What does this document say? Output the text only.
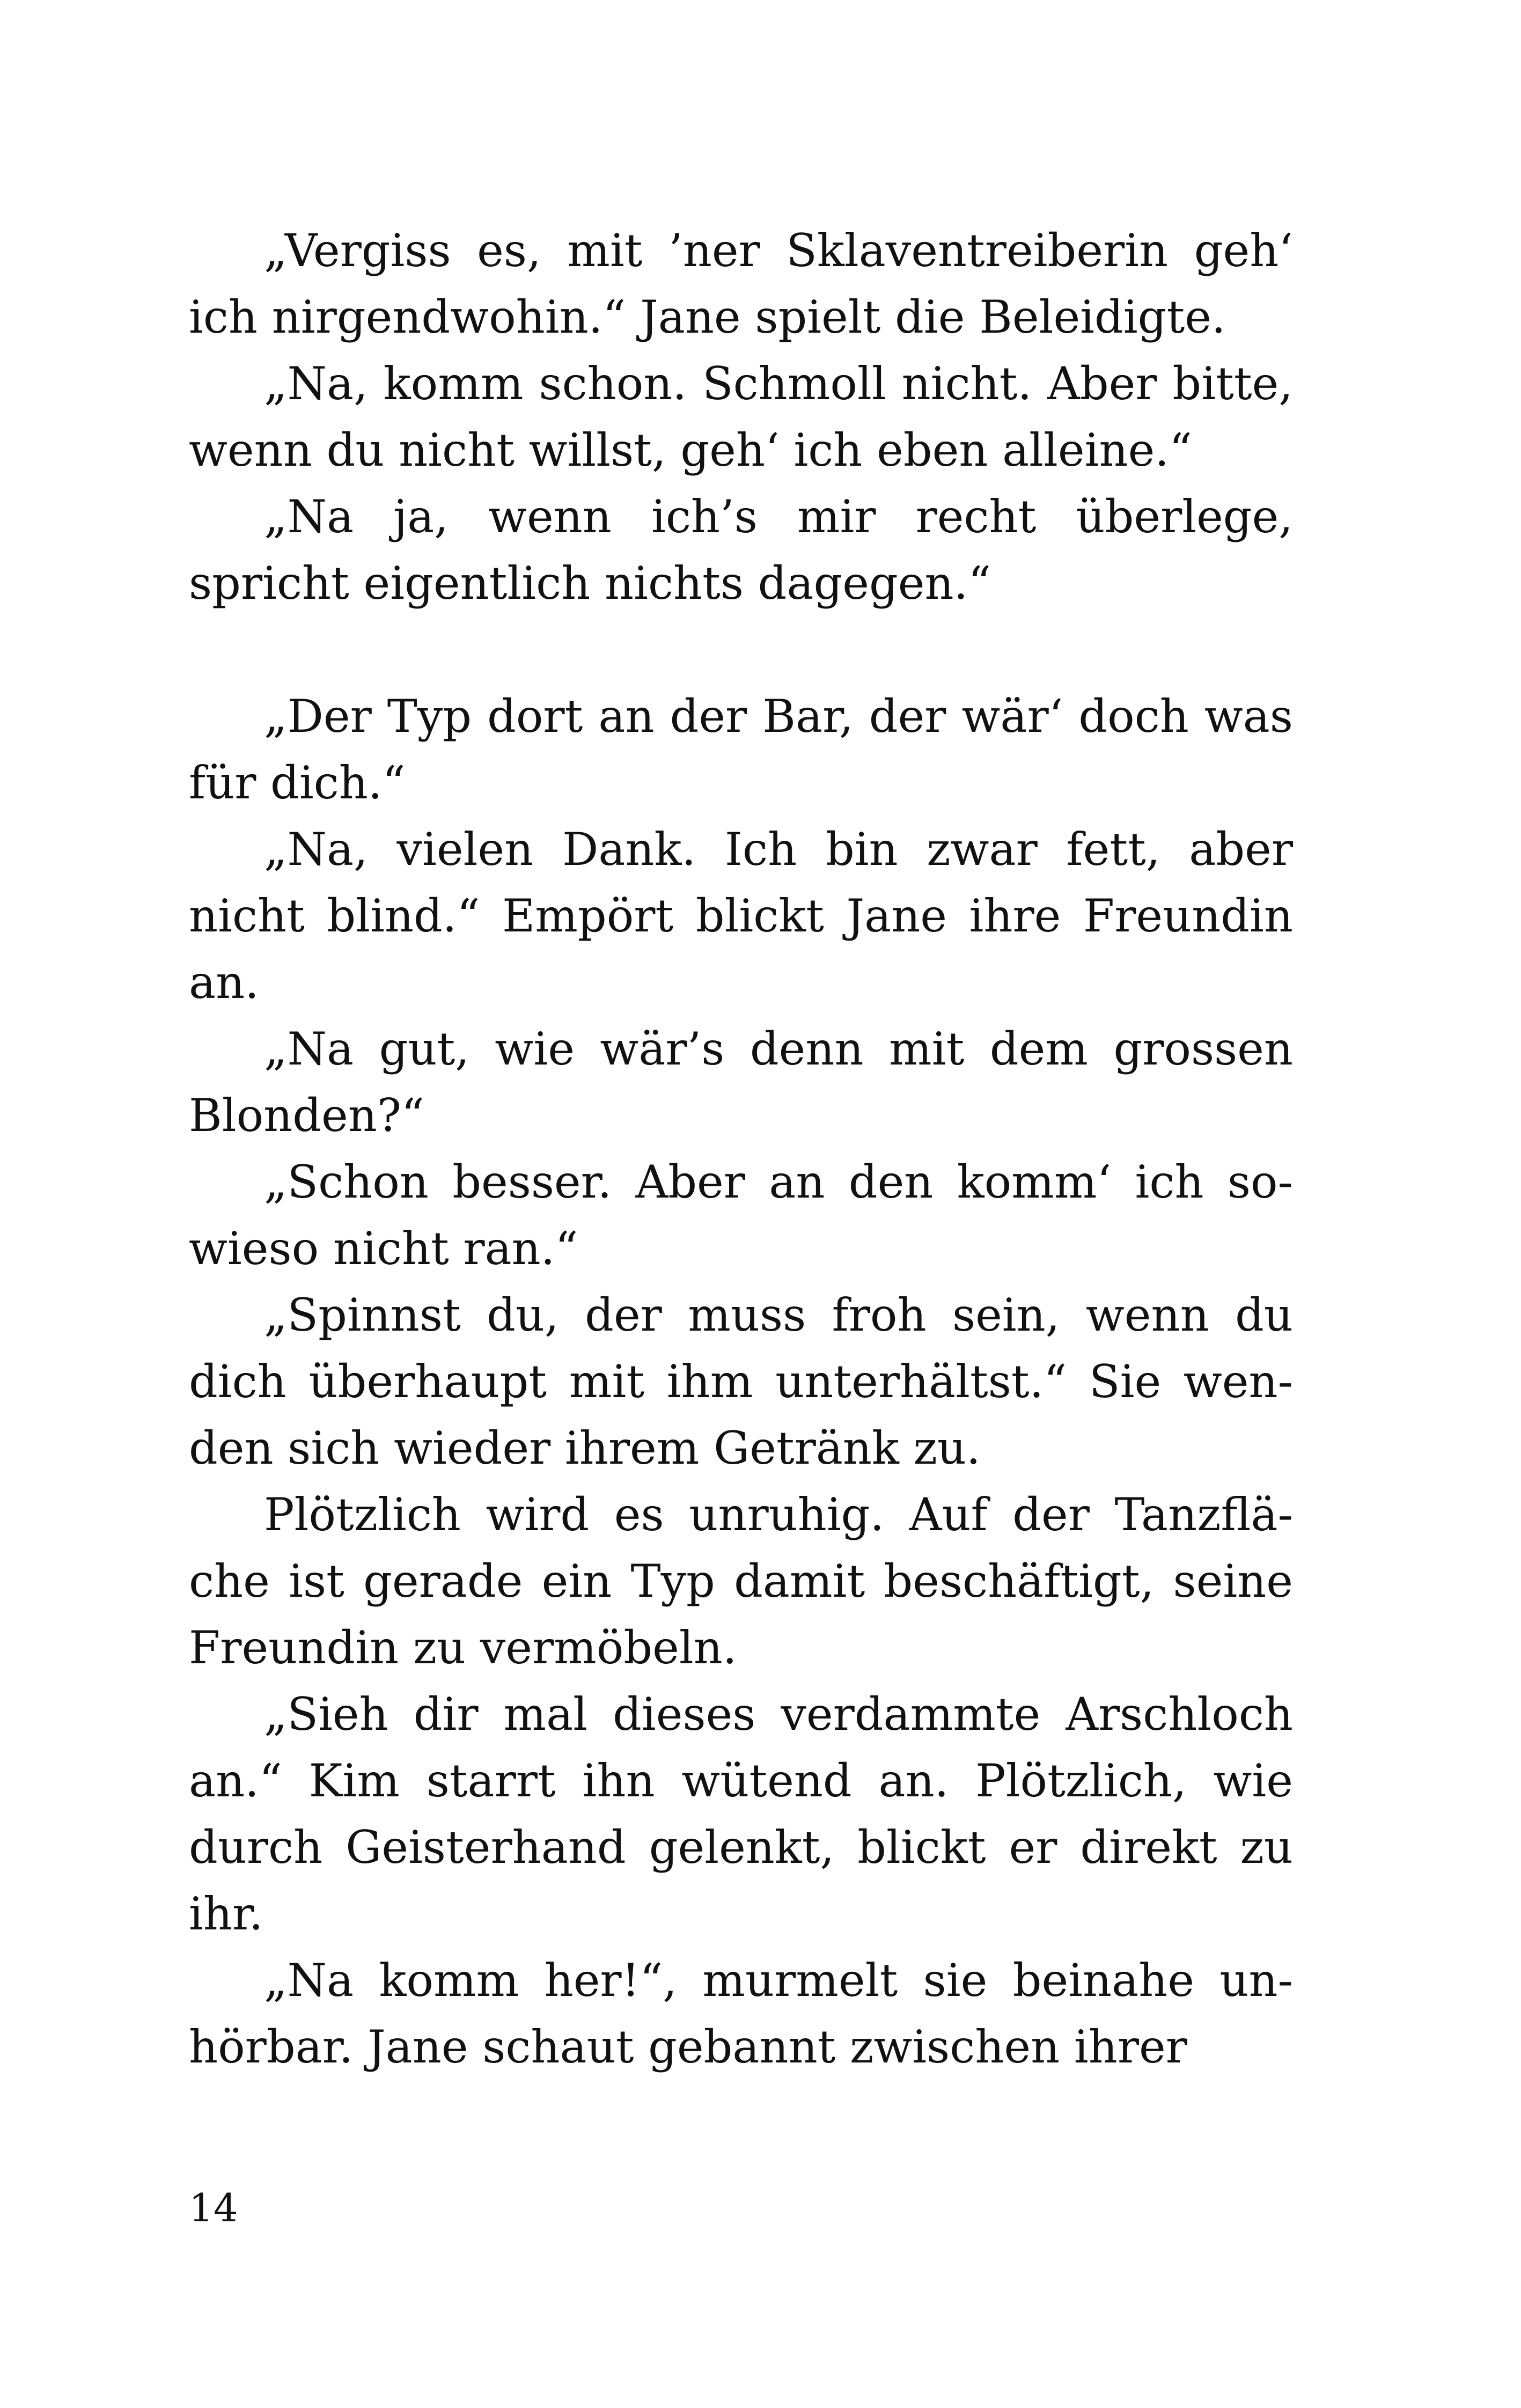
„Vergiss es, mit ’ner Sklaventreiberin geh‘ ich nirgendwohin.“ Jane spielt die Beleidigte.

„Na, komm schon. Schmoll nicht. Aber bitte, wenn du nicht willst, geh‘ ich eben alleine.“

„Na ja, wenn ich’s mir recht überlege, spricht eigentlich nichts dagegen.“

„Der Typ dort an der Bar, der wär‘ doch was für dich.“

„Na, vielen Dank. Ich bin zwar fett, aber nicht blind.“ Empört blickt Jane ihre Freundin an.

„Na gut, wie wär’s denn mit dem grossen Blonden?“

„Schon besser. Aber an den komm‘ ich sowieso nicht ran.“

„Spinnst du, der muss froh sein, wenn du dich überhaupt mit ihm unterhältst.“ Sie wenden sich wieder ihrem Getränk zu.

Plötzlich wird es unruhig. Auf der Tanzfläche ist gerade ein Typ damit beschäftigt, seine Freundin zu vermöbeln.

„Sieh dir mal dieses verdammte Arschloch an.“ Kim starrt ihn wütend an. Plötzlich, wie durch Geisterhand gelenkt, blickt er direkt zu ihr.

„Na komm her!“, murmelt sie beinahe unhörbar. Jane schaut gebannt zwischen ihrer

14
